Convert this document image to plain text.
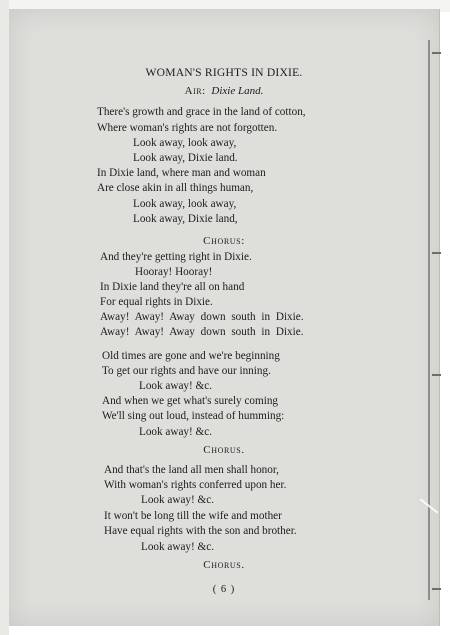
WOMAN'S RIGHTS IN DIXIE.
Air: Dixie Land.
There's growth and grace in the land of cotton,
Where woman's rights are not forgotten.
Look away, look away,
Look away, Dixie land.
In Dixie land, where man and woman
Are close akin in all things human,
Look away, look away,
Look away, Dixie land,
Chorus:
And they're getting right in Dixie.
Hooray! Hooray!
In Dixie land they're all on hand
For equal rights in Dixie.
Away! Away! Away down south in Dixie.
Away! Away! Away down south in Dixie.
Old times are gone and we're beginning
To get our rights and have our inning.
Look away! &c.
And when we get what's surely coming
We'll sing out loud, instead of humming:
Look away! &c.
Chorus.
And that's the land all men shall honor,
With woman's rights conferred upon her.
Look away! &c.
It won't be long till the wife and mother
Have equal rights with the son and brother.
Look away! &c.
Chorus.
( 6 )
